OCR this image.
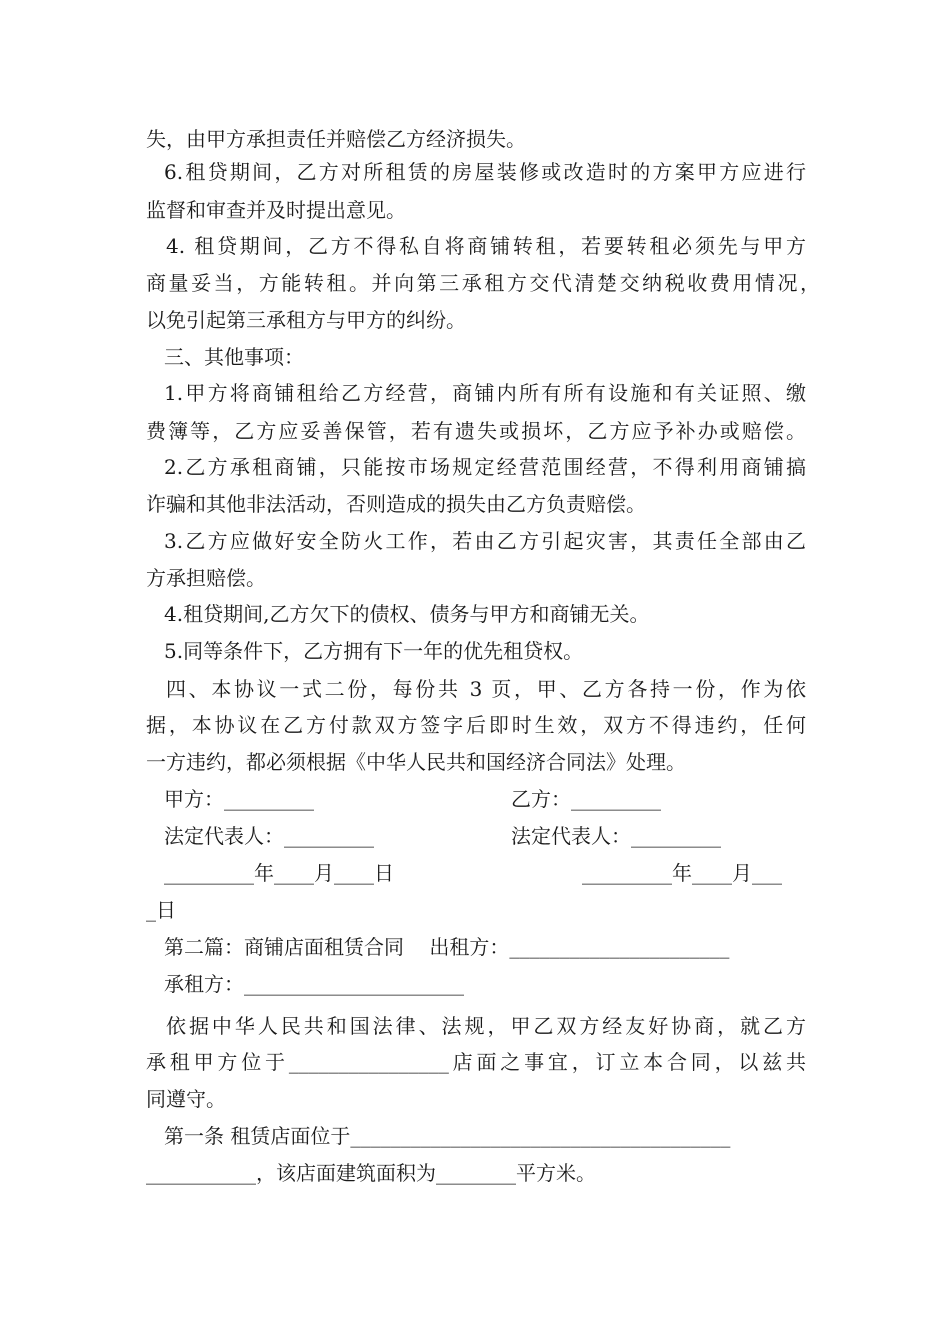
失，由甲方承担责任并赔偿乙方经济损失。
6.租贷期间，乙方对所租赁的房屋装修或改造时的方案甲方应进行
监督和审查并及时提出意见。
4. 租贷期间，乙方不得私自将商铺转租，若要转租必须先与甲方
商量妥当，方能转租。并向第三承租方交代清楚交纳税收费用情况，
以免引起第三承租方与甲方的纠纷。
三、其他事项：
1.甲方将商铺租给乙方经营，商铺内所有所有设施和有关证照、缴
费簿等，乙方应妥善保管，若有遗失或损坏，乙方应予补办或赔偿。
2.乙方承租商铺，只能按市场规定经营范围经营，不得利用商铺搞
诈骗和其他非法活动，否则造成的损失由乙方负责赔偿。
3.乙方应做好安全防火工作，若由乙方引起灾害，其责任全部由乙
方承担赔偿。
4.租贷期间,乙方欠下的债权、债务与甲方和商铺无关。
5.同等条件下，乙方拥有下一年的优先租贷权。
四、本协议一式二份，每份共 3 页，甲、乙方各持一份，作为依
据，本协议在乙方付款双方签字后即时生效，双方不得违约，任何
一方违约，都必须根据《中华人民共和国经济合同法》处理。
甲方：_________	乙方：_________
法定代表人：_________	法定代表人：_________
_________年____月____日	_________年____月___
_日
第二篇：商铺店面租赁合同    出租方：______________________
承租方：______________________
依据中华人民共和国法律、法规，甲乙双方经友好协商，就乙方
承租甲方位于________________店面之事宜，订立本合同，以兹共
同遵守。
第一条 租赁店面位于______________________________________
___________，该店面建筑面积为________平方米。
